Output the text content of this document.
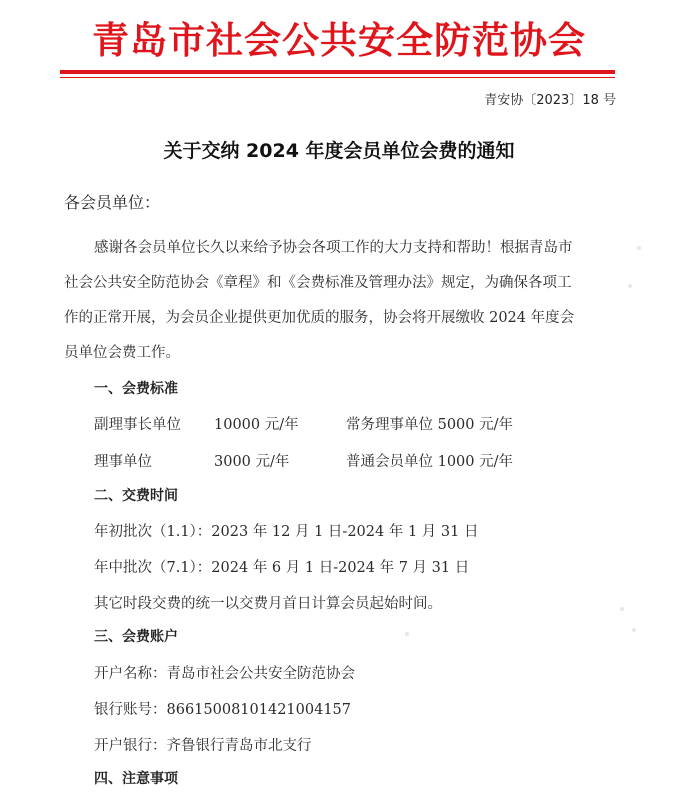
青岛市社会公共安全防范协会
青安协〔2023〕18 号
关于交纳 2024 年度会员单位会费的通知
各会员单位：
感谢各会员单位长久以来给予协会各项工作的大力支持和帮助！根据青岛市
社会公共安全防范协会《章程》和《会费标准及管理办法》规定，为确保各项工
作的正常开展，为会员企业提供更加优质的服务，协会将开展缴收 2024 年度会
员单位会费工作。
一、会费标准
副理事长单位 10000 元/年	常务理事单位 5000 元/年
理事单位	3000 元/年	普通会员单位 1000 元/年
二、交费时间
年初批次（1.1）：2023 年 12 月 1 日-2024 年 1 月 31 日
年中批次（7.1）：2024 年 6 月 1 日-2024 年 7 月 31 日
其它时段交费的统一以交费月首日计算会员起始时间。
三、会费账户
开户名称：青岛市社会公共安全防范协会
银行账号：86615008101421004157
开户银行：齐鲁银行青岛市北支行
四、注意事项
